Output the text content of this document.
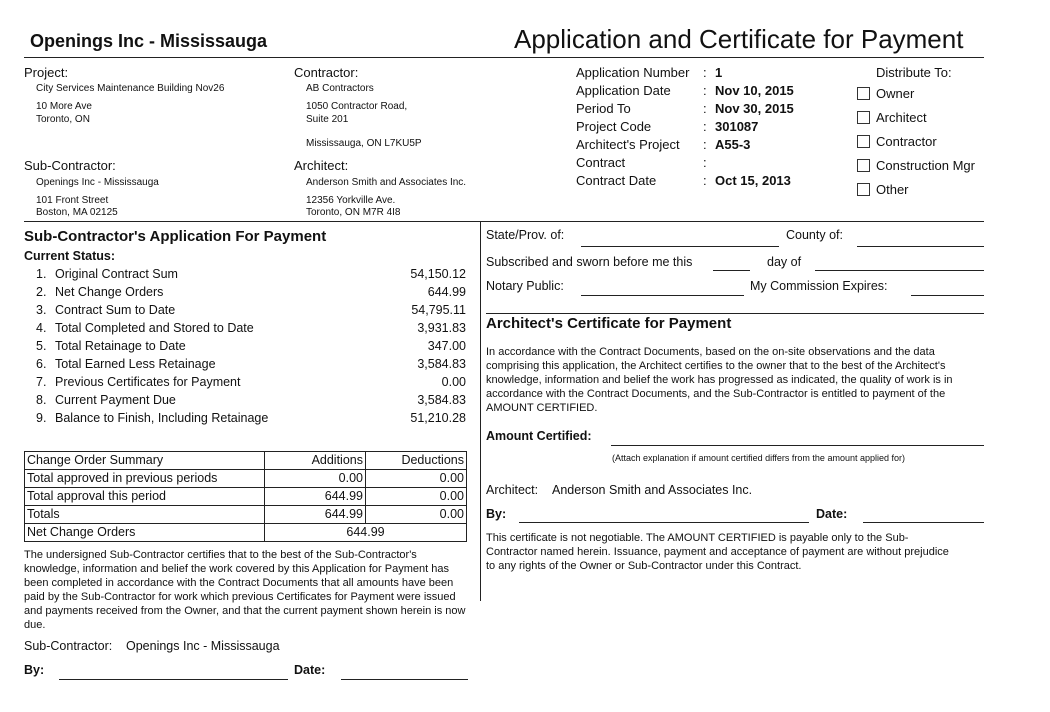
Openings Inc - Mississauga	Application and Certificate for Payment
Project:
City Services Maintenance Building Nov26
10 More Ave
Toronto, ON
Contractor:
AB Contractors
1050 Contractor Road,
Suite 201
Mississauga, ON L7KU5P
Sub-Contractor:
Openings Inc - Mississauga
101 Front Street
Boston, MA 02125
Architect:
Anderson Smith and Associates Inc.
12356 Yorkville Ave.
Toronto, ON M7R 4I8
Application Number : 1
Application Date : Nov 10, 2015
Period To	: Nov 30, 2015
Project Code	: 301087
Architect's Project : A55-3
Contract	:
Contract Date	: Oct 15, 2013
Distribute To:
Owner
Architect
Contractor
Construction Mgr
Other
Sub-Contractor's Application For Payment
Current Status:
1. Original Contract Sum	54,150.12
2. Net Change Orders	644.99
3. Contract Sum to Date	54,795.11
4. Total Completed and Stored to Date	3,931.83
5. Total Retainage to Date	347.00
6. Total Earned Less Retainage	3,584.83
7. Previous Certificates for Payment	0.00
8. Current Payment Due	3,584.83
9. Balance to Finish, Including Retainage	51,210.28
Change Order Summary	Additions	Deductions
Total approved in previous periods	0.00	0.00
Total approval this period	644.99	0.00
Totals	644.99	0.00
Net Change Orders	644.99	
The undersigned Sub-Contractor certifies that to the best of the Sub-Contractor's knowledge, information and belief the work covered by this Application for Payment has been completed in accordance with the Contract Documents that all amounts have been paid by the Sub-Contractor for work which previous Certificates for Payment were issued and payments received from the Owner, and that the current payment shown herein is now due.
Sub-Contractor: Openings Inc - Mississauga
By:	Date:
State/Prov. of:	County of:
Subscribed and sworn before me this	day of
Notary Public:	My Commission Expires:
Architect's Certificate for Payment
In accordance with the Contract Documents, based on the on-site observations and the data comprising this application, the Architect certifies to the owner that to the best of the Architect's knowledge, information and belief the work has progressed as indicated, the quality of work is in accordance with the Contract Documents, and the Sub-Contractor is entitled to payment of the AMOUNT CERTIFIED.
Amount Certified:
(Attach explanation if amount certified differs from the amount applied for)
Architect: Anderson Smith and Associates Inc.
By:	Date:
This certificate is not negotiable. The AMOUNT CERTIFIED is payable only to the Sub-Contractor named herein. Issuance, payment and acceptance of payment are without prejudice to any rights of the Owner or Sub-Contractor under this Contract.
